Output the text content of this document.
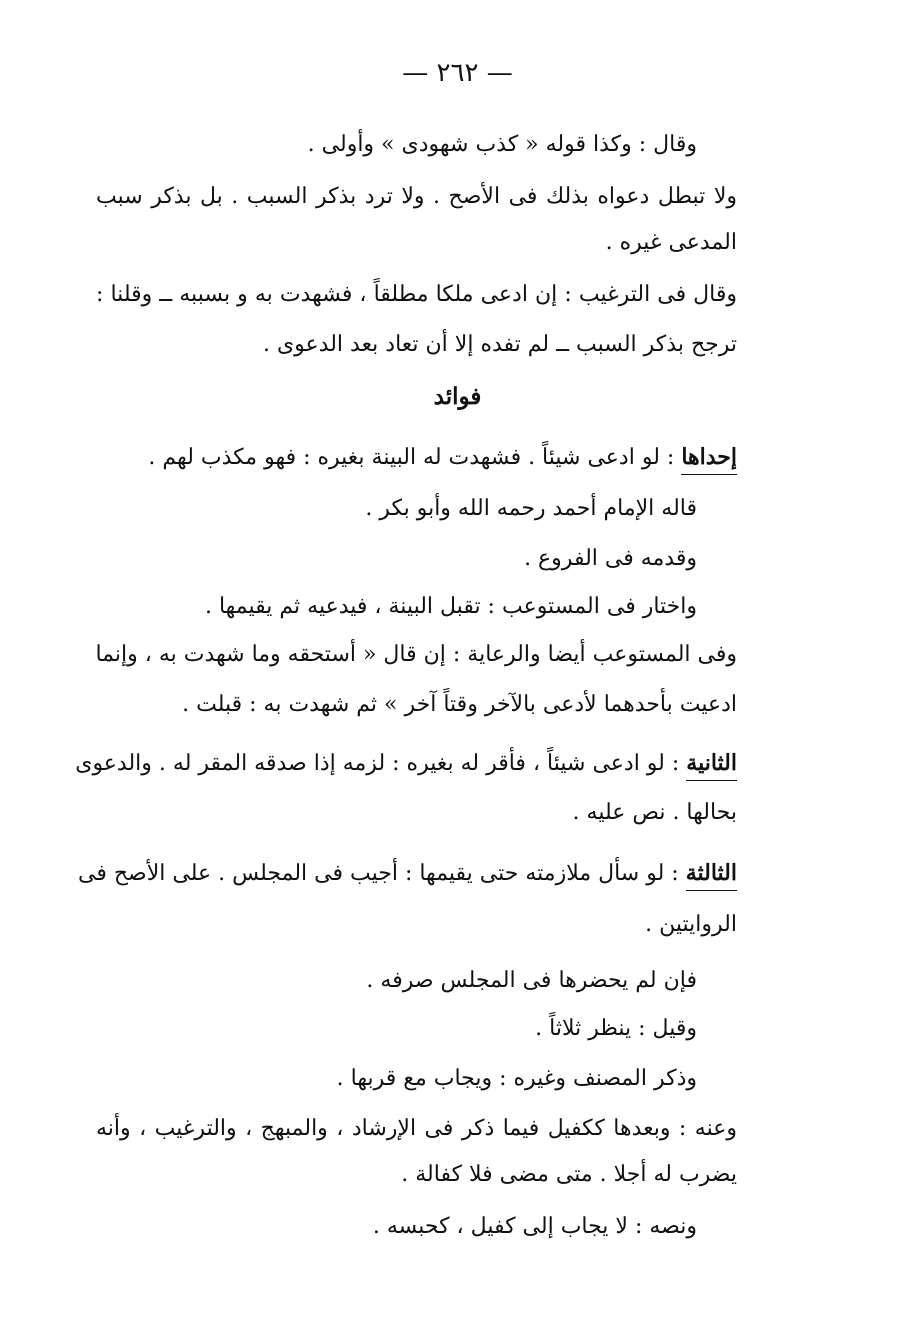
— ٢٦٢ —
وقال : وكذا قوله « كذب شهودى » وأولى .
ولا تبطل دعواه بذلك فى الأصح . ولا ترد بذكر السبب . بل بذكر سبب
المدعى غيره .
وقال فى الترغيب : إن ادعى ملكا مطلقاً ، فشهدت به و بسببه ــ وقلنا :
ترجح بذكر السبب ــ لم تفده إلا أن تعاد بعد الدعوى .
فوائد
إحداها : لو ادعى شيئاً . فشهدت له البينة بغيره : فهو مكذب لهم .
قاله الإمام أحمد رحمه الله وأبو بكر .
وقدمه فى الفروع .
واختار فى المستوعب : تقبل البينة ، فيدعيه ثم يقيمها .
وفى المستوعب أيضا والرعاية : إن قال « أستحقه وما شهدت به ، وإنما
ادعيت بأحدهما لأدعى بالآخر وقتاً آخر » ثم شهدت به : قبلت .
الثانية : لو ادعى شيئاً ، فأقر له بغيره : لزمه إذا صدقه المقر له . والدعوى
بحالها . نص عليه .
الثالثة : لو سأل ملازمته حتى يقيمها : أجيب فى المجلس . على الأصح فى
الروايتين .
فإن لم يحضرها فى المجلس صرفه .
وقيل : ينظر ثلاثاً .
وذكر المصنف وغيره : ويجاب مع قربها .
وعنه : وبعدها ككفيل فيما ذكر فى الإرشاد ، والمبهج ، والترغيب ، وأنه
يضرب له أجلا . متى مضى فلا كفالة .
ونصه : لا يجاب إلى كفيل ، كحبسه .
